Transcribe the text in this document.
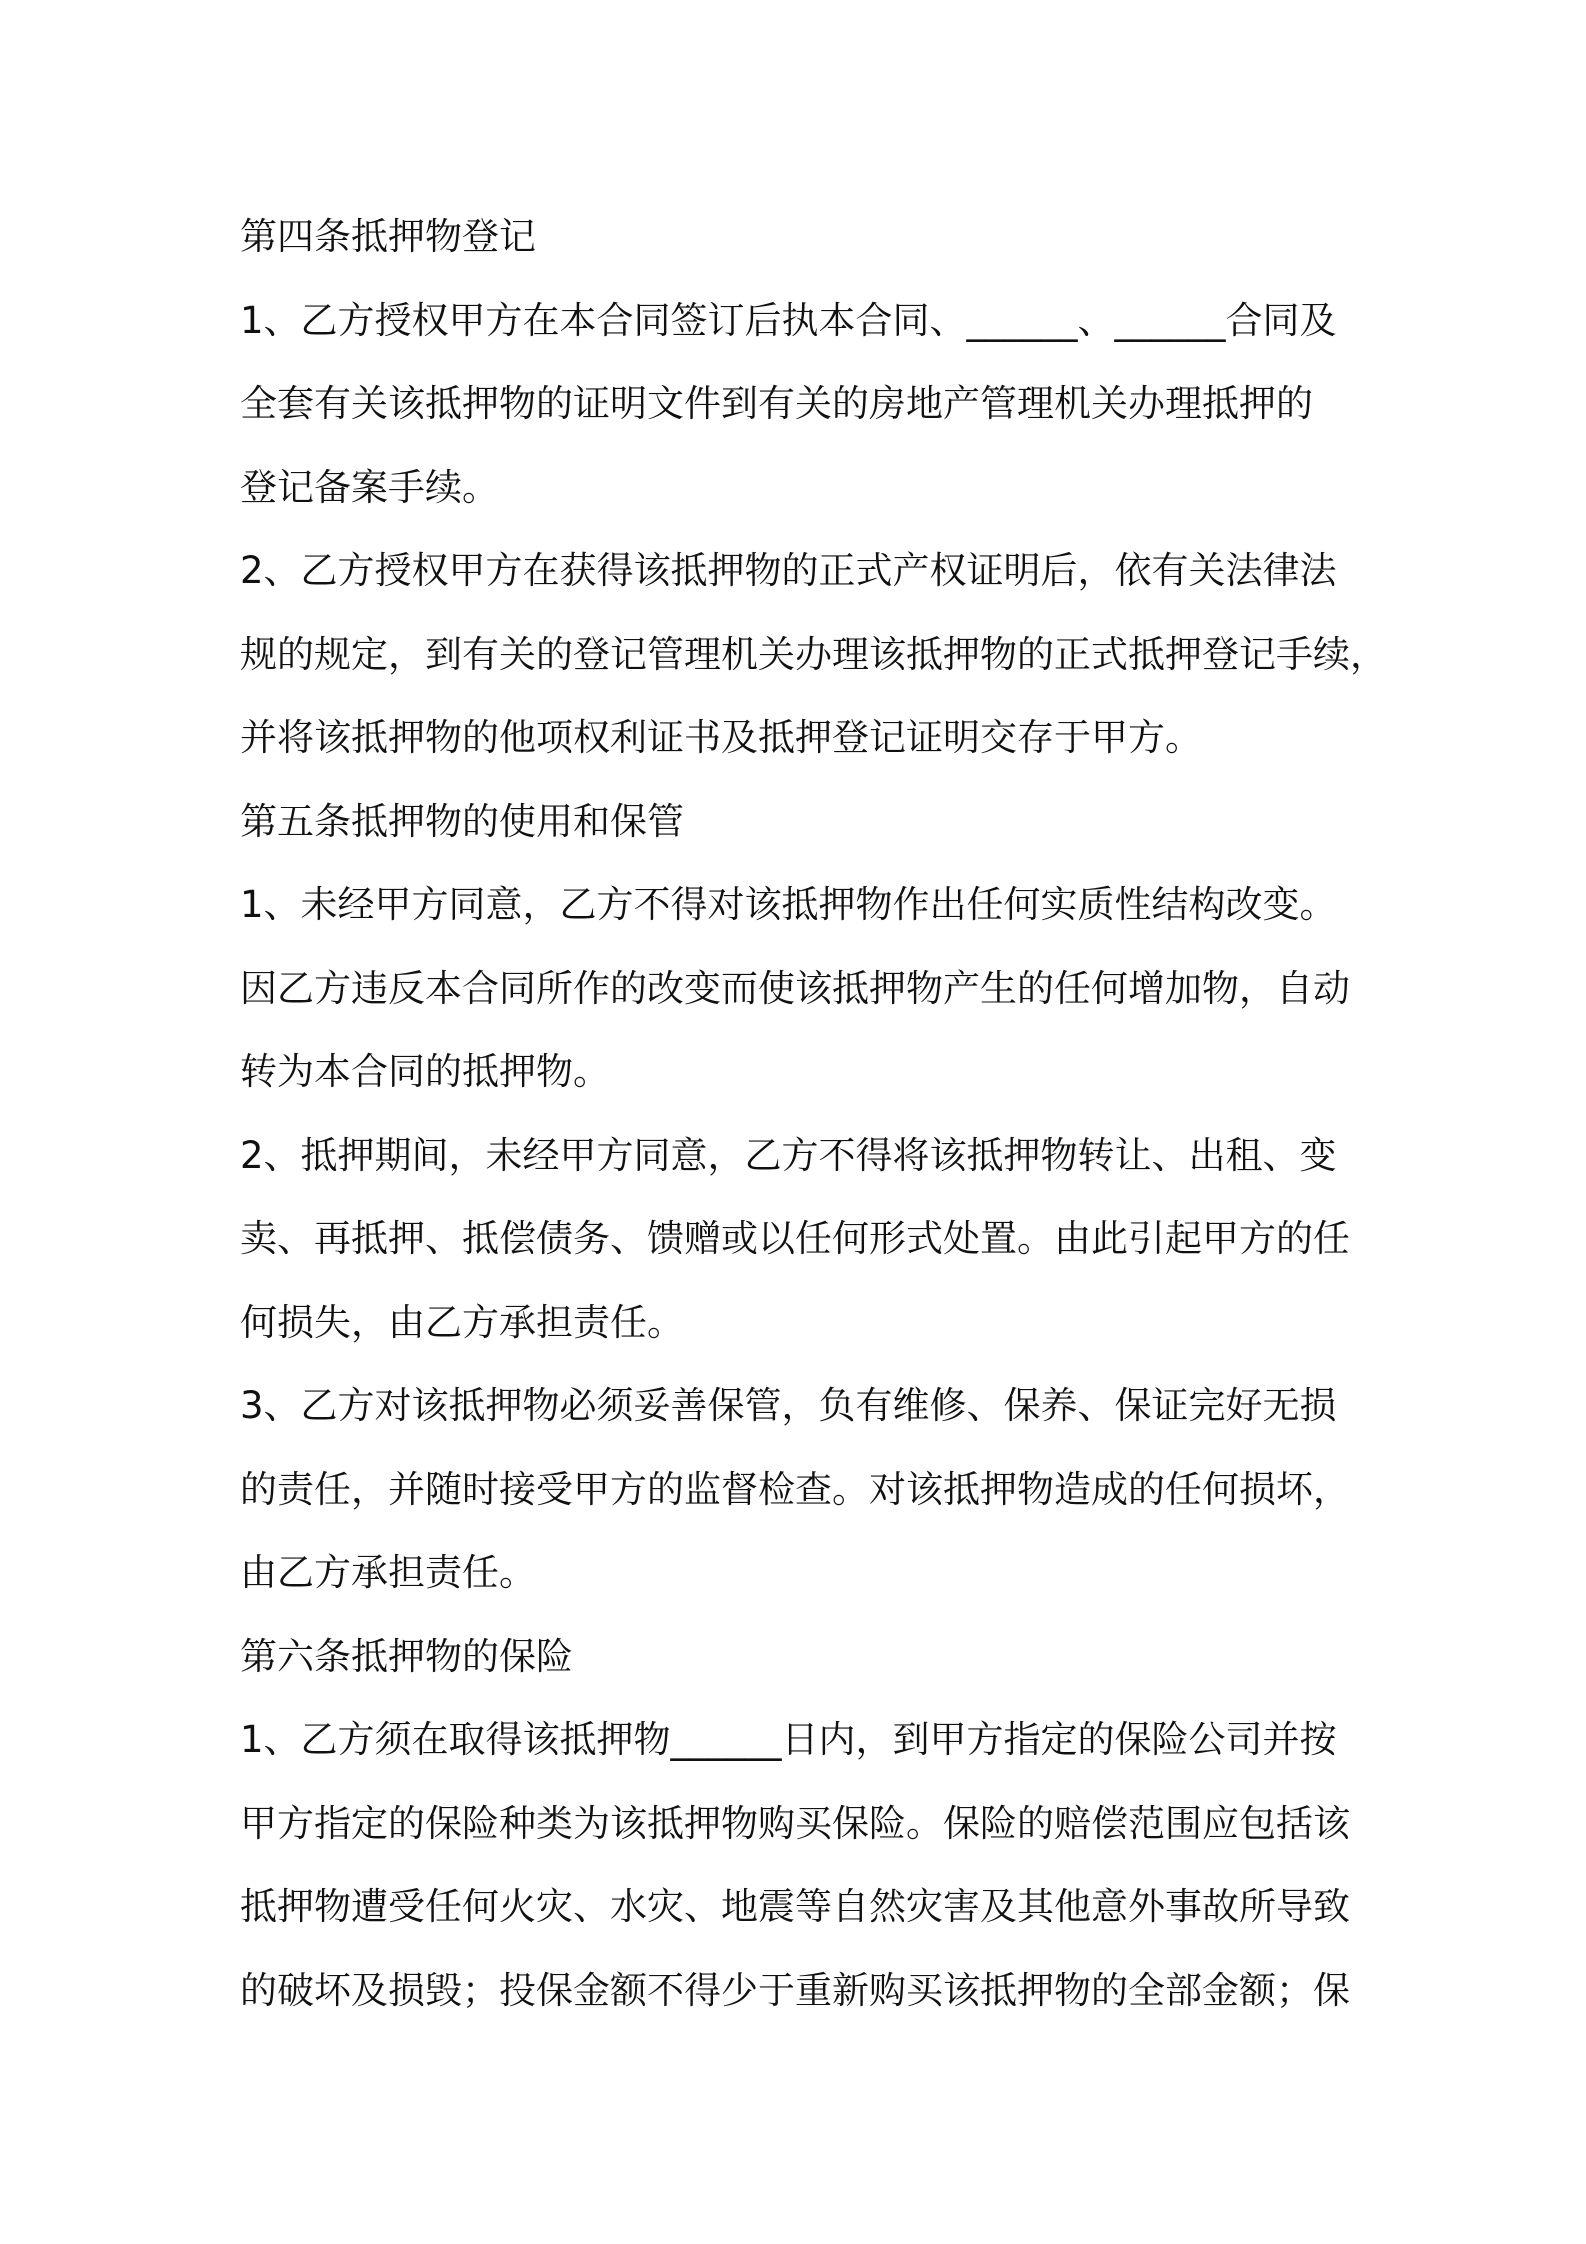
第四条抵押物登记
1、乙方授权甲方在本合同签订后执本合同、______、______合同及
全套有关该抵押物的证明文件到有关的房地产管理机关办理抵押的
登记备案手续。
2、乙方授权甲方在获得该抵押物的正式产权证明后，依有关法律法
规的规定，到有关的登记管理机关办理该抵押物的正式抵押登记手续，
并将该抵押物的他项权利证书及抵押登记证明交存于甲方。
第五条抵押物的使用和保管
1、未经甲方同意，乙方不得对该抵押物作出任何实质性结构改变。
因乙方违反本合同所作的改变而使该抵押物产生的任何增加物，自动
转为本合同的抵押物。
2、抵押期间，未经甲方同意，乙方不得将该抵押物转让、出租、变
卖、再抵押、抵偿债务、馈赠或以任何形式处置。由此引起甲方的任
何损失，由乙方承担责任。
3、乙方对该抵押物必须妥善保管，负有维修、保养、保证完好无损
的责任，并随时接受甲方的监督检查。对该抵押物造成的任何损坏，
由乙方承担责任。
第六条抵押物的保险
1、乙方须在取得该抵押物______日内，到甲方指定的保险公司并按
甲方指定的保险种类为该抵押物购买保险。保险的赔偿范围应包括该
抵押物遭受任何火灾、水灾、地震等自然灾害及其他意外事故所导致
的破坏及损毁；投保金额不得少于重新购买该抵押物的全部金额；保
